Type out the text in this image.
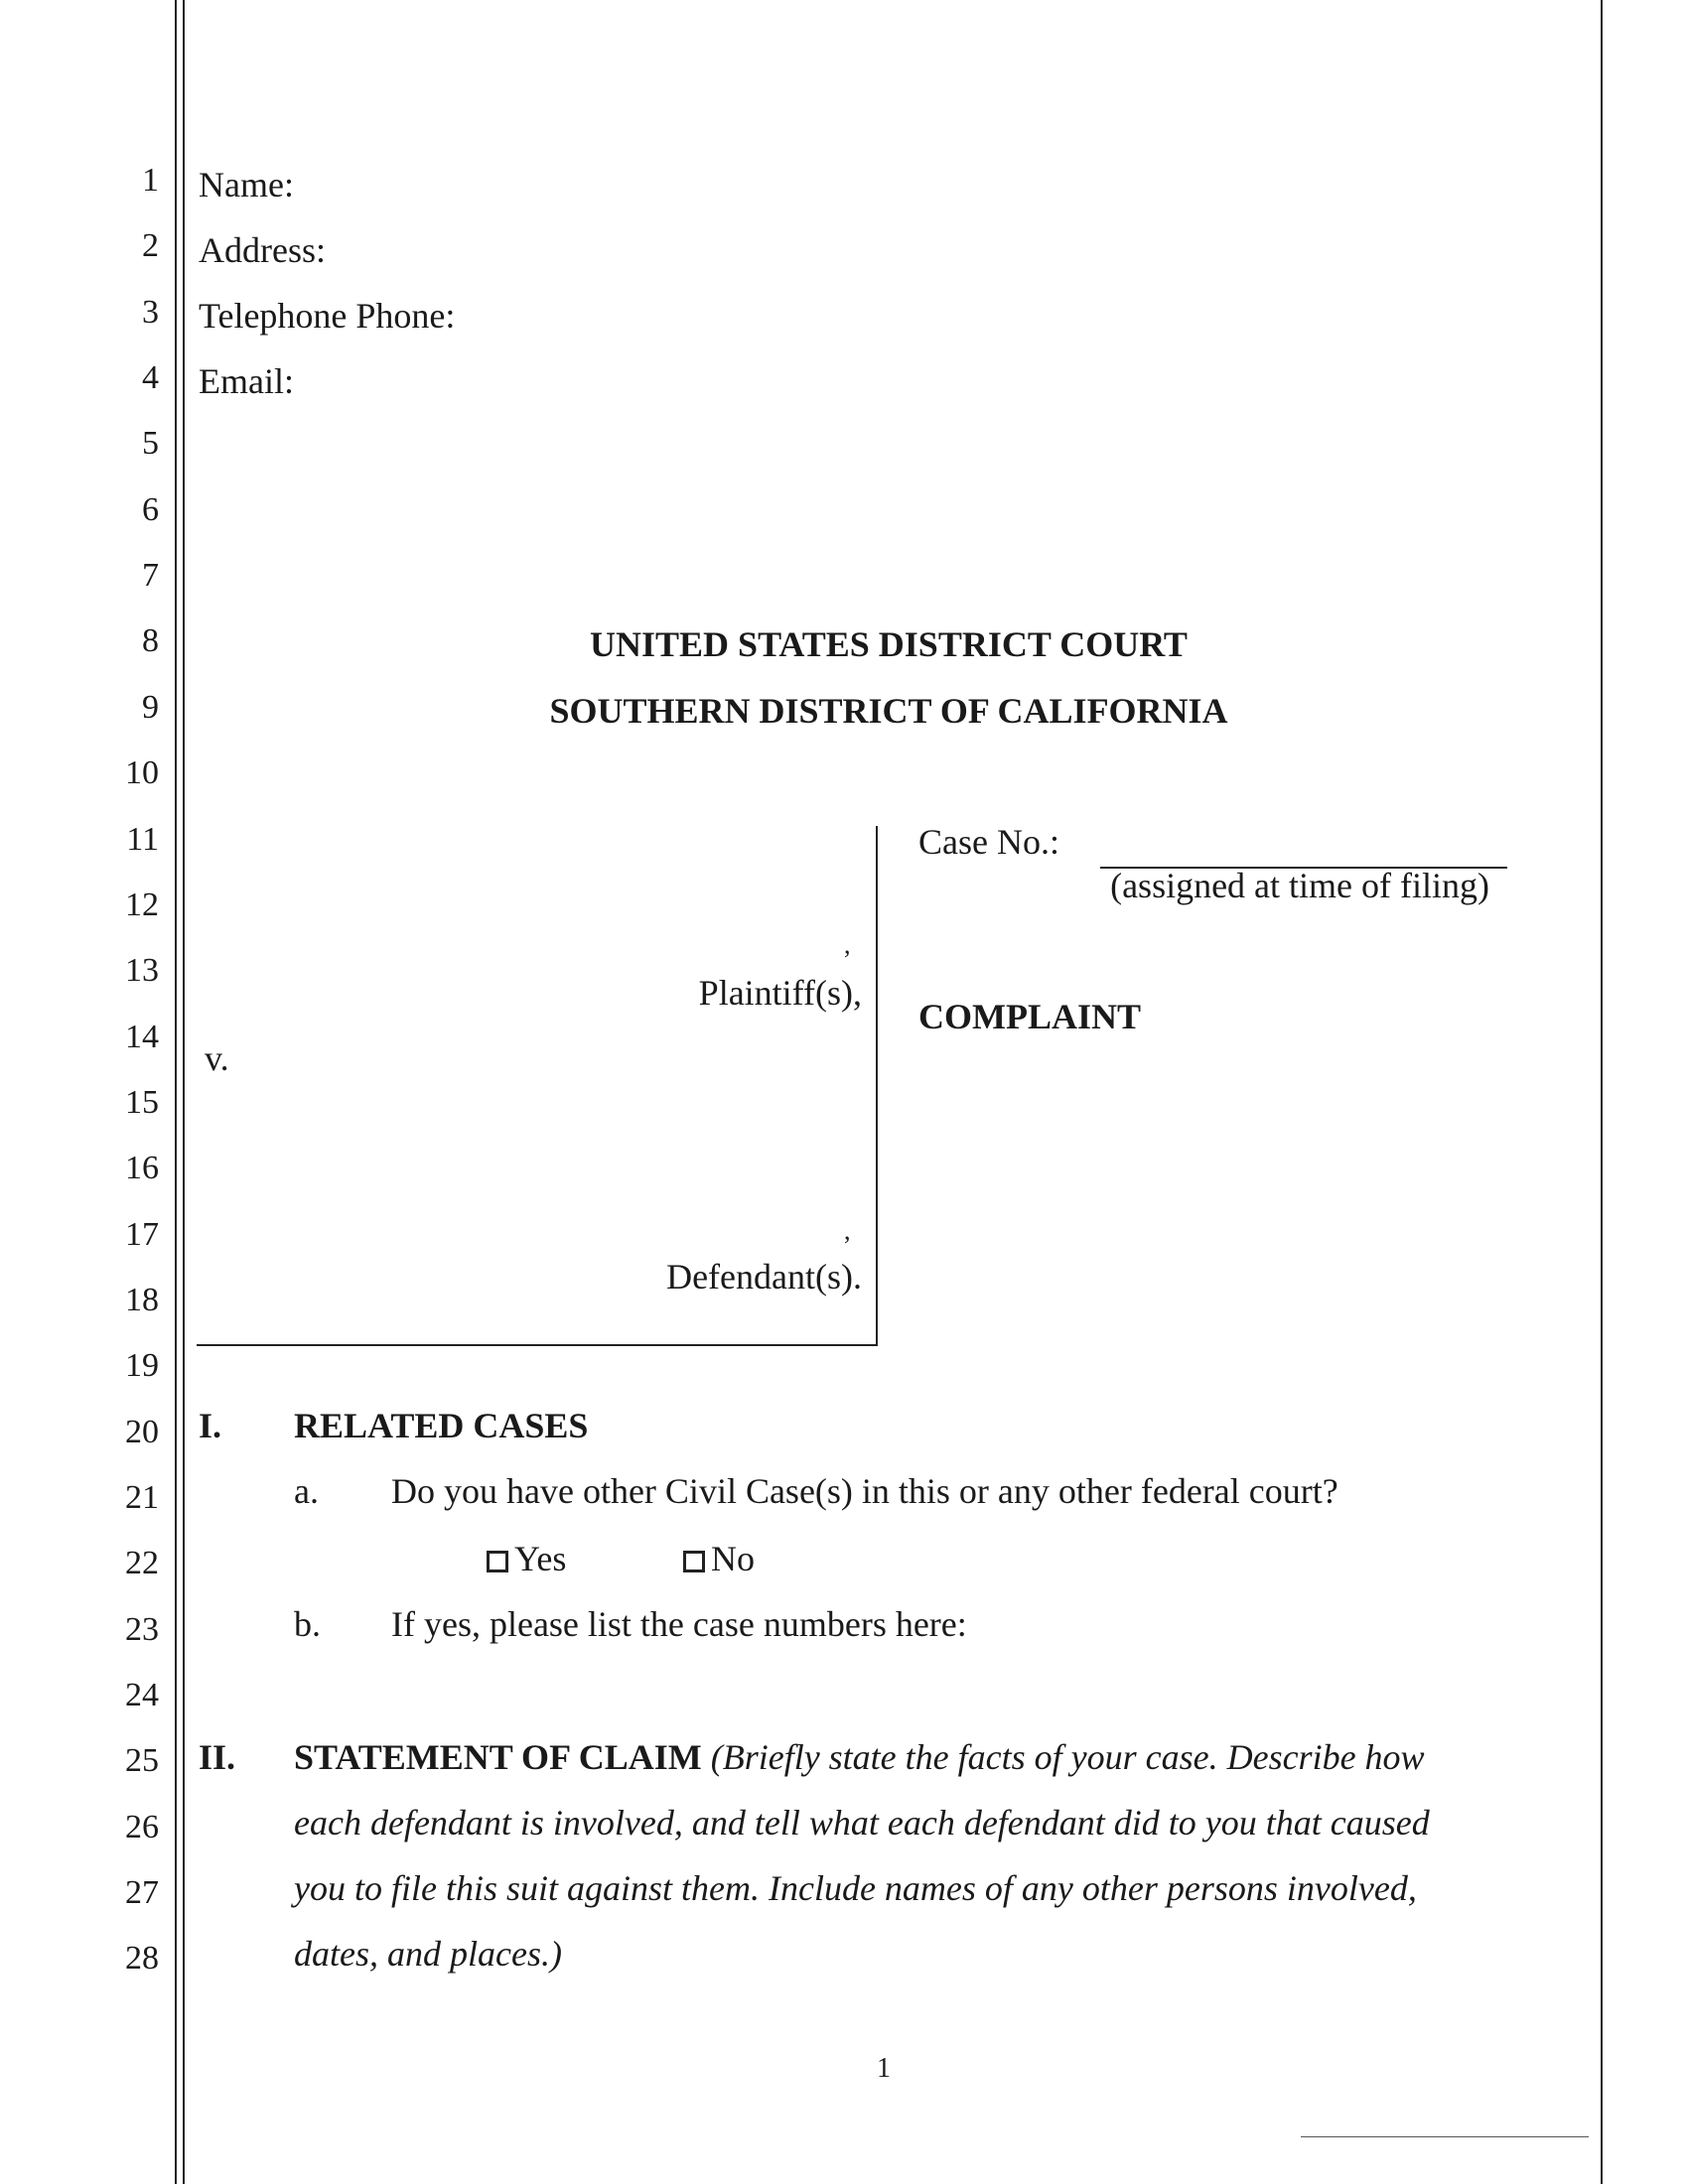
1
2
3
4
5
6
7
8
9
10
11
12
13
14
15
16
17
18
19
20
21
22
23
24
25
26
27
28
Name:
Address:
Telephone Phone:
Email:
UNITED STATES DISTRICT COURT
SOUTHERN DISTRICT OF CALIFORNIA
,
Plaintiff(s),
v.
,
Defendant(s).
Case No.:
(assigned at time of filing)
COMPLAINT
I. RELATED CASES
a. Do you have other Civil Case(s) in this or any other federal court?
Yes	No
b. If yes, please list the case numbers here:
II. STATEMENT OF CLAIM (Briefly state the facts of your case. Describe how
each defendant is involved, and tell what each defendant did to you that caused
you to file this suit against them. Include names of any other persons involved,
dates, and places.)
1
